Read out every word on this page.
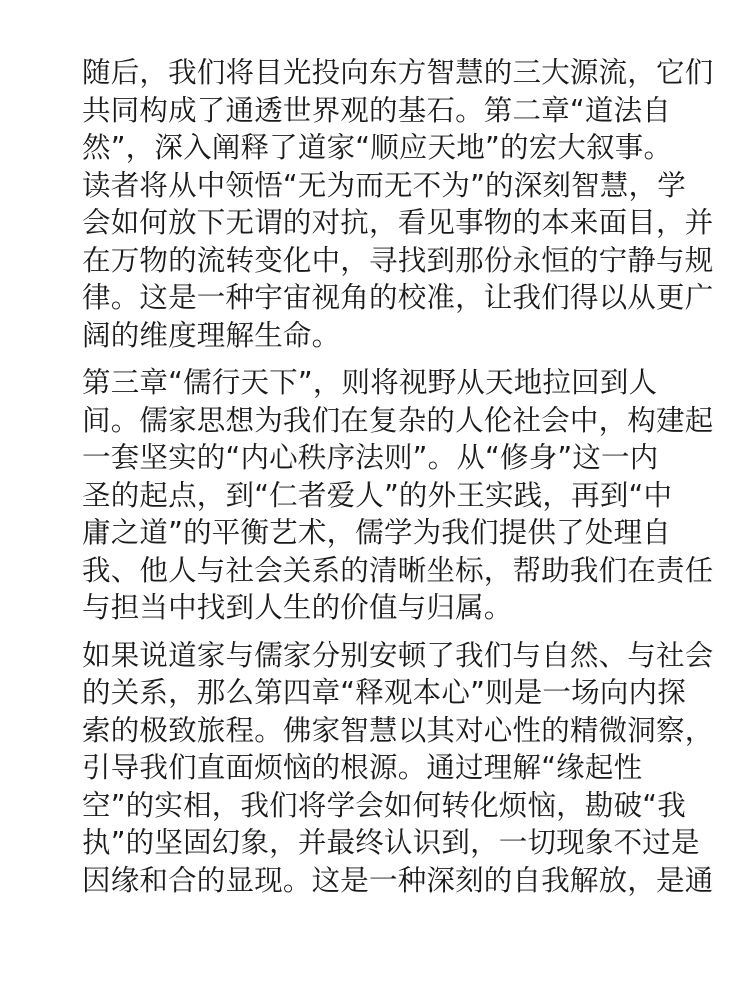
随后，我们将目光投向东方智慧的三大源流，它们
共同构成了通透世界观的基石。第二章“道法自
然”，深入阐释了道家“顺应天地”的宏大叙事。
读者将从中领悟“无为而无不为”的深刻智慧，学
会如何放下无谓的对抗，看见事物的本来面目，并
在万物的流转变化中，寻找到那份永恒的宁静与规
律。这是一种宇宙视角的校准，让我们得以从更广
阔的维度理解生命。
第三章“儒行天下”，则将视野从天地拉回到人
间。儒家思想为我们在复杂的人伦社会中，构建起
一套坚实的“内心秩序法则”。从“修身”这一内
圣的起点，到“仁者爱人”的外王实践，再到“中
庸之道”的平衡艺术，儒学为我们提供了处理自
我、他人与社会关系的清晰坐标，帮助我们在责任
与担当中找到人生的价值与归属。
如果说道家与儒家分别安顿了我们与自然、与社会
的关系，那么第四章“释观本心”则是一场向内探
索的极致旅程。佛家智慧以其对心性的精微洞察，
引导我们直面烦恼的根源。通过理解“缘起性
空”的实相，我们将学会如何转化烦恼，勘破“我
执”的坚固幻象，并最终认识到，一切现象不过是
因缘和合的显现。这是一种深刻的自我解放，是通
